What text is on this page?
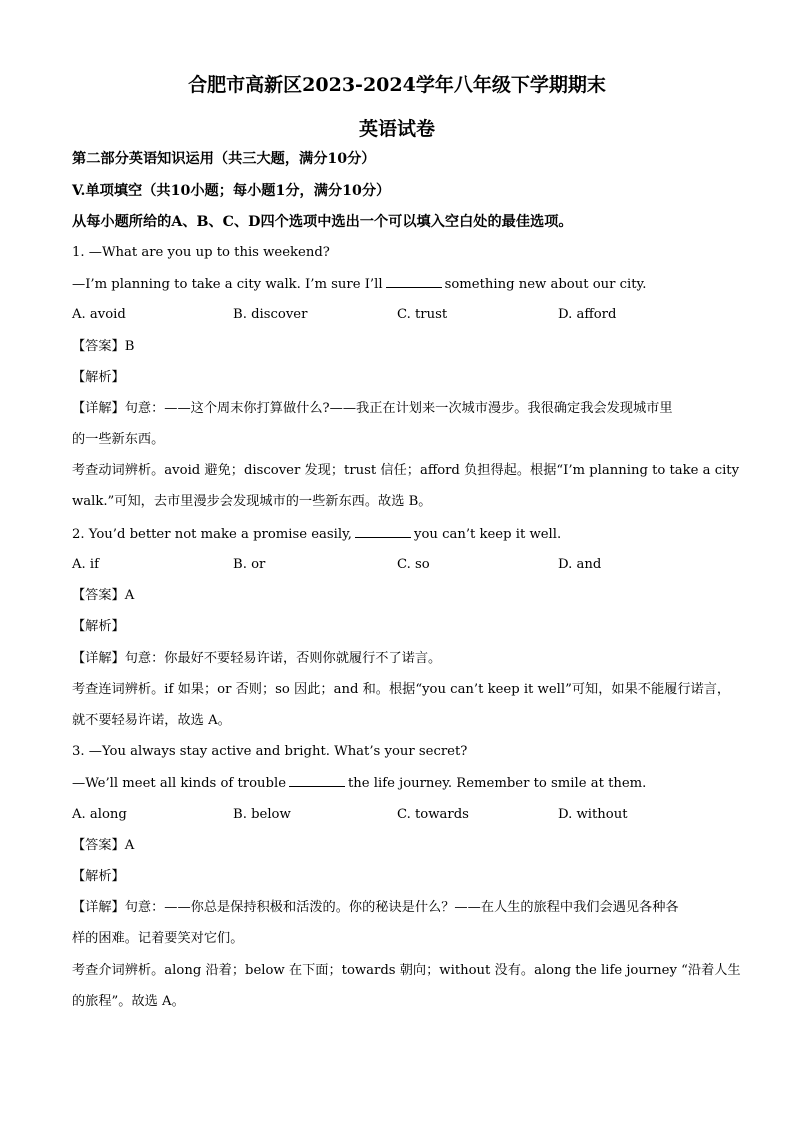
合肥市高新区2023-2024学年八年级下学期期末
英语试卷

第二部分英语知识运用（共三大题，满分10分）

V.单项填空（共10小题；每小题1分，满分10分）

从每小题所给的A、B、C、D四个选项中选出一个可以填入空白处的最佳选项。

1. —What are you up to this weekend?

—I’m planning to take a city walk. I’m sure I’ll	something new about our city.

A. avoid	B. discover	C. trust	D. afford

【答案】B

【解析】

【详解】句意：——这个周末你打算做什么?——我正在计划来一次城市漫步。我很确定我会发现城市里

的一些新东西。

考查动词辨析。avoid 避免；discover 发现；trust 信任；afford 负担得起。根据“I’m planning to take a city

walk.”可知，去市里漫步会发现城市的一些新东西。故选 B。

2. You’d better not make a promise easily,	you can’t keep it well.

A. if	B. or	C. so	D. and

【答案】A

【解析】

【详解】句意：你最好不要轻易许诺，否则你就履行不了诺言。

考查连词辨析。if 如果；or 否则；so 因此；and 和。根据“you can’t keep it well”可知，如果不能履行诺言，

就不要轻易许诺，故选 A。

3. —You always stay active and bright. What’s your secret?

—We’ll meet all kinds of trouble	the life journey. Remember to smile at them.

A. along	B. below	C. towards	D. without

【答案】A

【解析】

【详解】句意：——你总是保持积极和活泼的。你的秘诀是什么？——在人生的旅程中我们会遇见各种各

样的困难。记着要笑对它们。

考查介词辨析。along 沿着；below 在下面；towards 朝向；without 没有。along the life journey “沿着人生

的旅程”。故选 A。
